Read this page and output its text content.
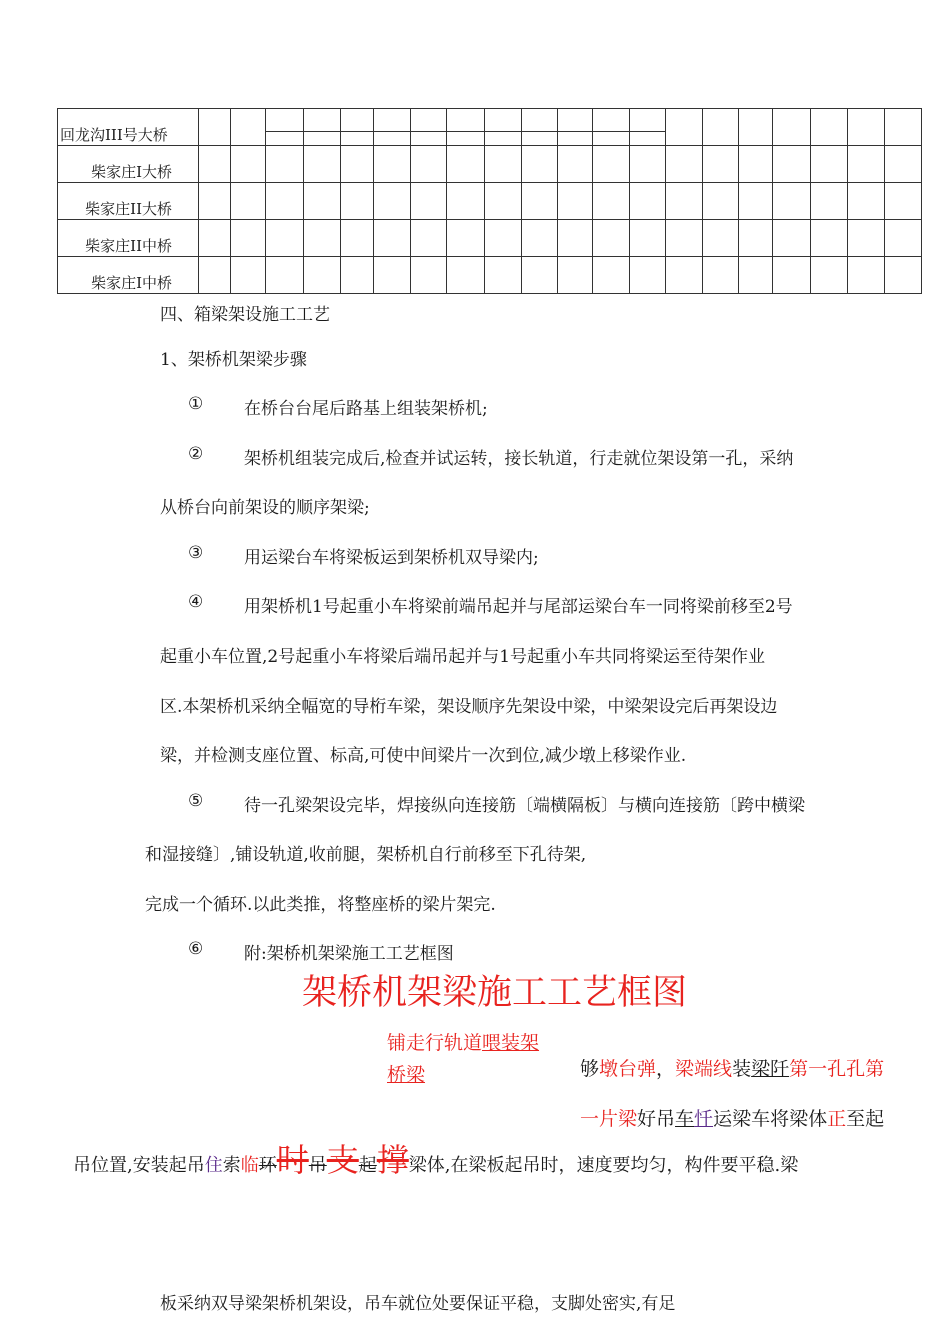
回龙沟III号大桥			

柴家庄I大桥																				
柴家庄II大桥																				
柴家庄II中桥																				
柴家庄I中桥																				
四、箱梁架设施工工艺
1、架桥机架梁步骤
① 在桥台台尾后路基上组装架桥机;
② 架桥机组装完成后,检查并试运转，接长轨道，行走就位架设第一孔，采纳
从桥台向前架设的顺序架梁;
③ 用运梁台车将梁板运到架桥机双导梁内;
④ 用架桥机1号起重小车将梁前端吊起并与尾部运梁台车一同将梁前移至2号
起重小车位置,2号起重小车将梁后端吊起并与1号起重小车共同将梁运至待架作业
区.本架桥机采纳全幅宽的导桁车梁，架设顺序先架设中梁，中梁架设完后再架设边
梁，并检测支座位置、标高,可使中间梁片一次到位,减少墩上移梁作业.
⑤ 待一孔梁架设完毕，焊接纵向连接筋〔端横隔板〕与横向连接筋〔跨中横梁
和湿接缝〕,铺设轨道,收前腿，架桥机自行前移至下孔待架,
完成一个循环.以此类推，将整座桥的梁片架完.
⑥ 附:架桥机架梁施工工艺框图
架桥机架梁施工工艺框图
铺走行轨道喂装架
桥梁	够墩台弹，梁端线装梁阡第一孔孔第
一片梁好吊车忏运梁车将梁体正至起
吊位置,安装起吊住索临环时吊支起撑梁体,在梁板起吊时，速度要均匀，构件要平稳.梁
板采纳双导梁架桥机架设，吊车就位处要保证平稳，支脚处密实,有足
